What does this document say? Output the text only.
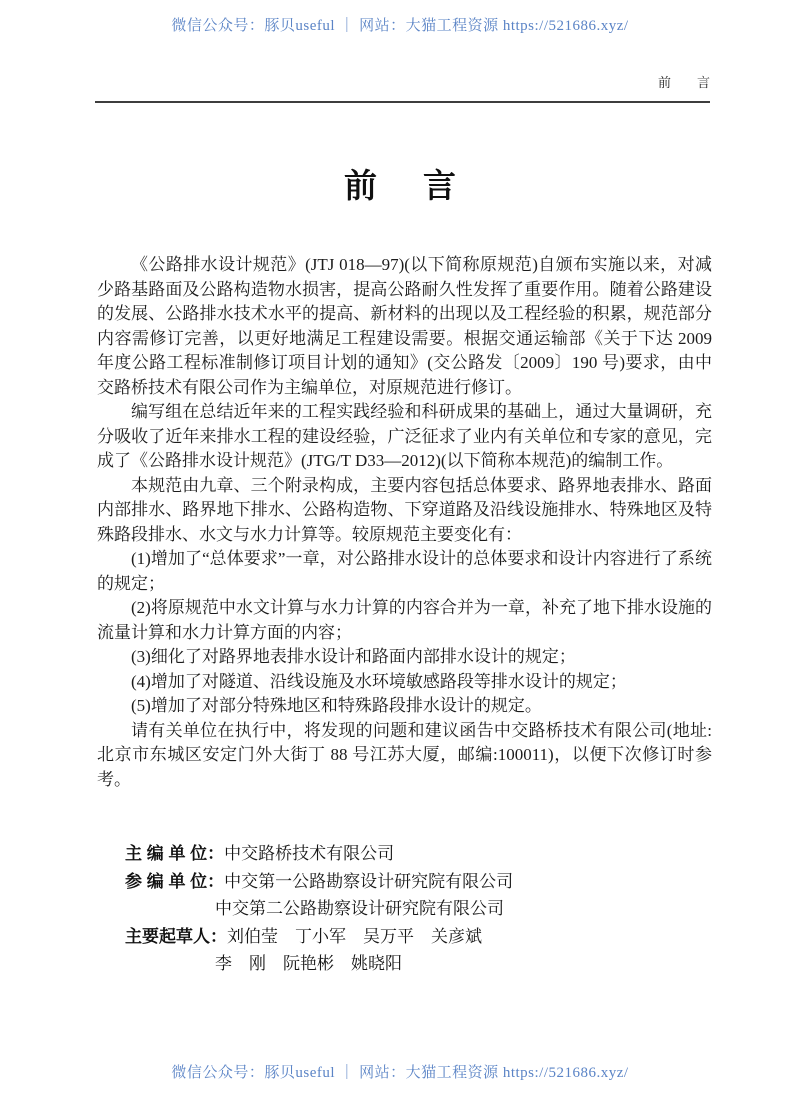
微信公众号：豚贝useful ｜ 网站：大猫工程资源 https://521686.xyz/
前　　言
前 言

《公路排水设计规范》(JTJ 018—97)(以下简称原规范)自颁布实施以来，对减少路基路面及公路构造物水损害，提高公路耐久性发挥了重要作用。随着公路建设的发展、公路排水技术水平的提高、新材料的出现以及工程经验的积累，规范部分内容需修订完善，以更好地满足工程建设需要。根据交通运输部《关于下达 2009 年度公路工程标准制修订项目计划的通知》(交公路发〔2009〕190 号)要求，由中交路桥技术有限公司作为主编单位，对原规范进行修订。

编写组在总结近年来的工程实践经验和科研成果的基础上，通过大量调研，充分吸收了近年来排水工程的建设经验，广泛征求了业内有关单位和专家的意见，完成了《公路排水设计规范》(JTG/T D33—2012)(以下简称本规范)的编制工作。

本规范由九章、三个附录构成，主要内容包括总体要求、路界地表排水、路面内部排水、路界地下排水、公路构造物、下穿道路及沿线设施排水、特殊地区及特殊路段排水、水文与水力计算等。较原规范主要变化有：

(1)增加了“总体要求”一章，对公路排水设计的总体要求和设计内容进行了系统的规定；

(2)将原规范中水文计算与水力计算的内容合并为一章，补充了地下排水设施的流量计算和水力计算方面的内容；

(3)细化了对路界地表排水设计和路面内部排水设计的规定；

(4)增加了对隧道、沿线设施及水环境敏感路段等排水设计的规定；

(5)增加了对部分特殊地区和特殊路段排水设计的规定。

请有关单位在执行中，将发现的问题和建议函告中交路桥技术有限公司(地址:北京市东城区安定门外大街丁 88 号江苏大厦，邮编:100011)，以便下次修订时参考。

主 编 单 位：中交路桥技术有限公司
参 编 单 位：中交第一公路勘察设计研究院有限公司
中交第二公路勘察设计研究院有限公司
主要起草人：刘伯莹　丁小军　吴万平　关彦斌
李　刚　阮艳彬　姚晓阳
微信公众号：豚贝useful ｜ 网站：大猫工程资源 https://521686.xyz/
